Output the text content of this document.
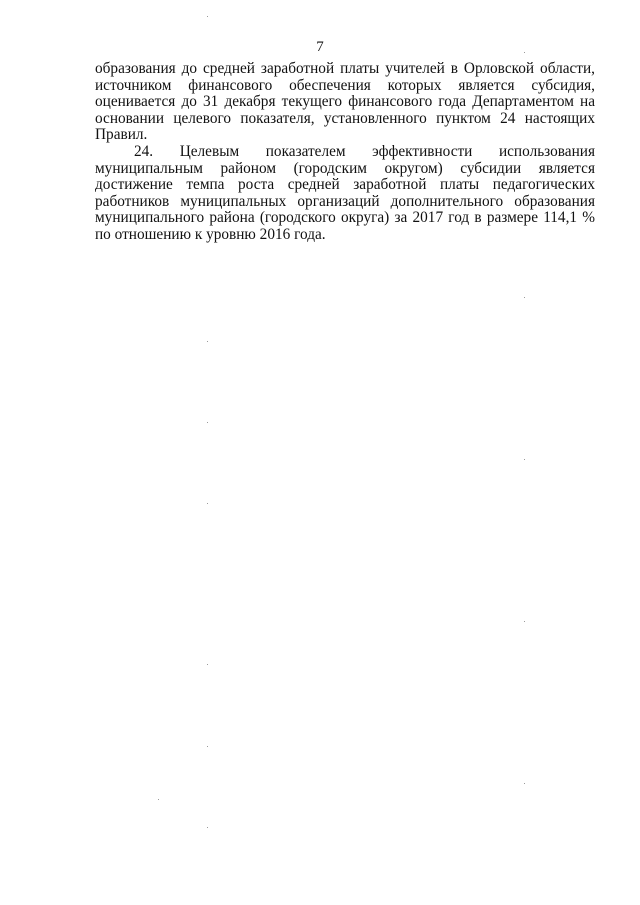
7

образования до средней заработной платы учителей в Орловской области, источником финансового обеспечения которых является субсидия, оценивается до 31 декабря текущего финансового года Департаментом на основании целевого показателя, установленного пунктом 24 настоящих Правил.

24. Целевым показателем эффективности использования муниципальным районом (городским округом) субсидии является достижение темпа роста средней заработной платы педагогических работников муниципальных организаций дополнительного образования муниципального района (городского округа) за 2017 год в размере 114,1 % по отношению к уровню 2016 года.
